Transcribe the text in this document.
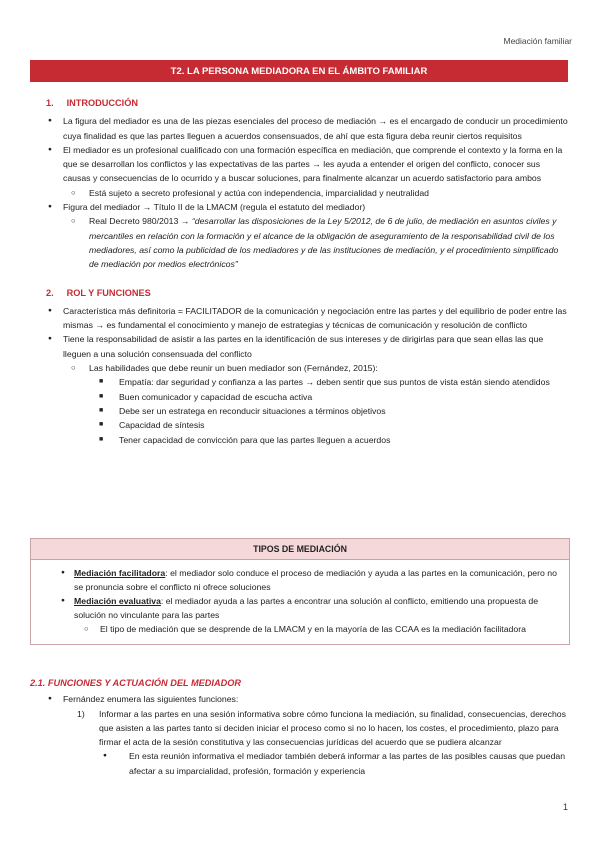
Mediación familiar
T2. LA PERSONA MEDIADORA EN EL ÁMBITO FAMILIAR
1. INTRODUCCIÓN
● La figura del mediador es una de las piezas esenciales del proceso de mediación → es el encargado de conducir un procedimiento cuya finalidad es que las partes lleguen a acuerdos consensuados, de ahí que esta figura deba reunir ciertos requisitos
● El mediador es un profesional cualificado con una formación específica en mediación, que comprende el contexto y la forma en la que se desarrollan los conflictos y las expectativas de las partes → les ayuda a entender el origen del conflicto, conocer sus causas y consecuencias de lo ocurrido y a buscar soluciones, para finalmente alcanzar un acuerdo satisfactorio para ambos
○ Está sujeto a secreto profesional y actúa con independencia, imparcialidad y neutralidad
● Figura del mediador → Título II de la LMACM (regula el estatuto del mediador)
○ Real Decreto 980/2013 → “desarrollar las disposiciones de la Ley 5/2012, de 6 de julio, de mediación en asuntos civiles y mercantiles en relación con la formación y el alcance de la obligación de aseguramiento de la responsabilidad civil de los mediadores, así como la publicidad de los mediadores y de las instituciones de mediación, y el procedimiento simplificado de mediación por medios electrónicos”
2. ROL Y FUNCIONES
● Característica más definitoria = FACILITADOR de la comunicación y negociación entre las partes y del equilibrio de poder entre las mismas → es fundamental el conocimiento y manejo de estrategias y técnicas de comunicación y resolución de conflicto
● Tiene la responsabilidad de asistir a las partes en la identificación de sus intereses y de dirigirlas para que sean ellas las que lleguen a una solución consensuada del conflicto
○ Las habilidades que debe reunir un buen mediador son (Fernández, 2015):
■ Empatía: dar seguridad y confianza a las partes → deben sentir que sus puntos de vista están siendo atendidos
■ Buen comunicador y capacidad de escucha activa
■ Debe ser un estratega en reconducir situaciones a términos objetivos
■ Capacidad de síntesis
■ Tener capacidad de convicción para que las partes lleguen a acuerdos
TIPOS DE MEDIACIÓN
● Mediación facilitadora: el mediador solo conduce el proceso de mediación y ayuda a las partes en la comunicación, pero no se pronuncia sobre el conflicto ni ofrece soluciones
● Mediación evaluativa: el mediador ayuda a las partes a encontrar una solución al conflicto, emitiendo una propuesta de solución no vinculante para las partes
○ El tipo de mediación que se desprende de la LMACM y en la mayoría de las CCAA es la mediación facilitadora
2.1. FUNCIONES Y ACTUACIÓN DEL MEDIADOR
● Fernández enumera las siguientes funciones:
1) Informar a las partes en una sesión informativa sobre cómo funciona la mediación, su finalidad, consecuencias, derechos que asisten a las partes tanto si deciden iniciar el proceso como si no lo hacen, los costes, el procedimiento, plazo para firmar el acta de la sesión constitutiva y las consecuencias jurídicas del acuerdo que se pudiera alcanzar
● En esta reunión informativa el mediador también deberá informar a las partes de las posibles causas que puedan afectar a su imparcialidad, profesión, formación y experiencia
1
